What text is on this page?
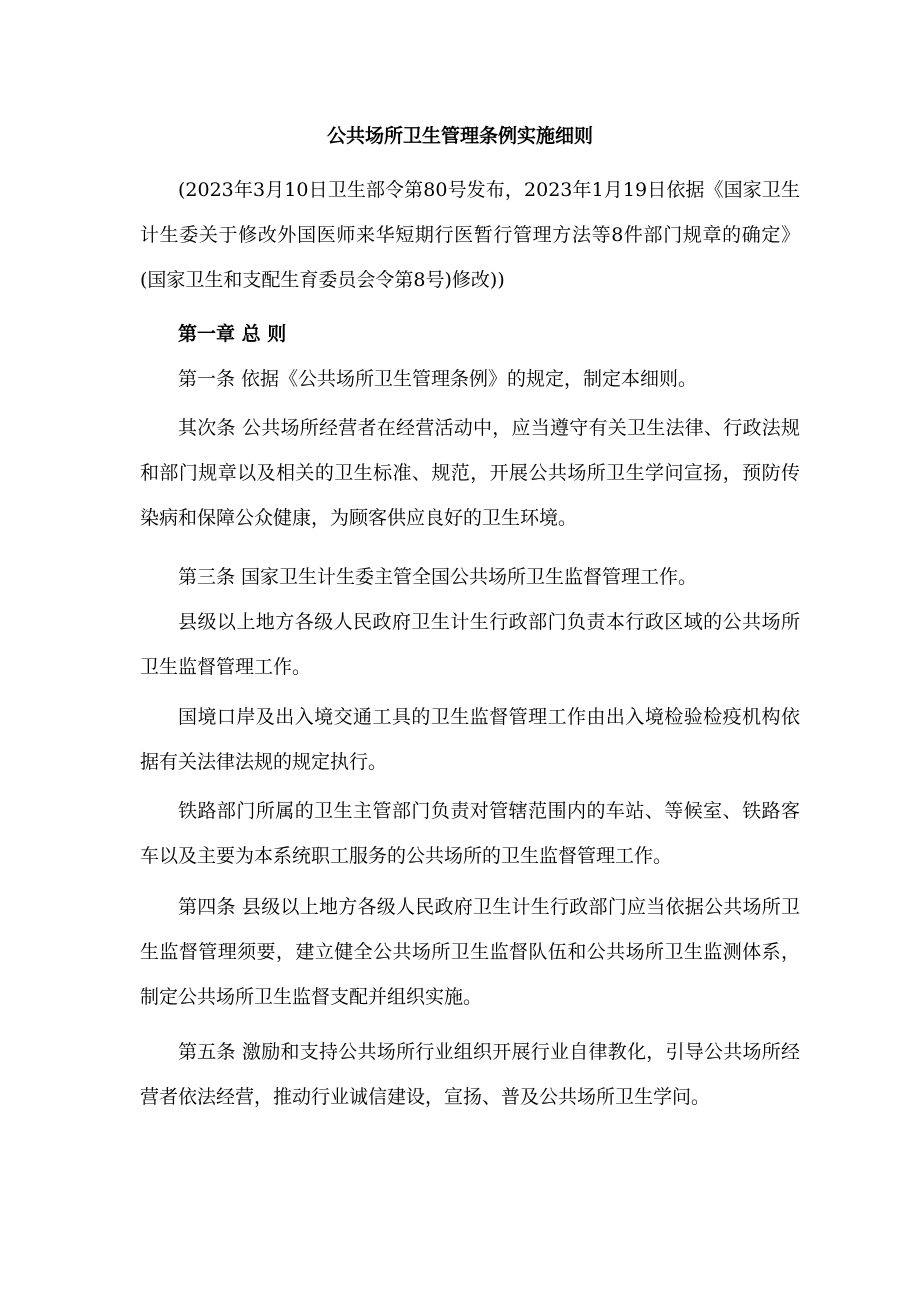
公共场所卫生管理条例实施细则

(2023年3月10日卫生部令第80号发布，2023年1月19日依据《国家卫生计生委关于修改外国医师来华短期行医暂行管理方法等8件部门规章的确定》(国家卫生和支配生育委员会令第8号)修改))

第一章 总 则

第一条 依据《公共场所卫生管理条例》的规定，制定本细则。

其次条 公共场所经营者在经营活动中，应当遵守有关卫生法律、行政法规和部门规章以及相关的卫生标准、规范，开展公共场所卫生学问宣扬，预防传染病和保障公众健康，为顾客供应良好的卫生环境。

第三条 国家卫生计生委主管全国公共场所卫生监督管理工作。

县级以上地方各级人民政府卫生计生行政部门负责本行政区域的公共场所卫生监督管理工作。

国境口岸及出入境交通工具的卫生监督管理工作由出入境检验检疫机构依据有关法律法规的规定执行。

铁路部门所属的卫生主管部门负责对管辖范围内的车站、等候室、铁路客车以及主要为本系统职工服务的公共场所的卫生监督管理工作。

第四条 县级以上地方各级人民政府卫生计生行政部门应当依据公共场所卫生监督管理须要，建立健全公共场所卫生监督队伍和公共场所卫生监测体系，制定公共场所卫生监督支配并组织实施。

第五条 激励和支持公共场所行业组织开展行业自律教化，引导公共场所经营者依法经营，推动行业诚信建设，宣扬、普及公共场所卫生学问。
